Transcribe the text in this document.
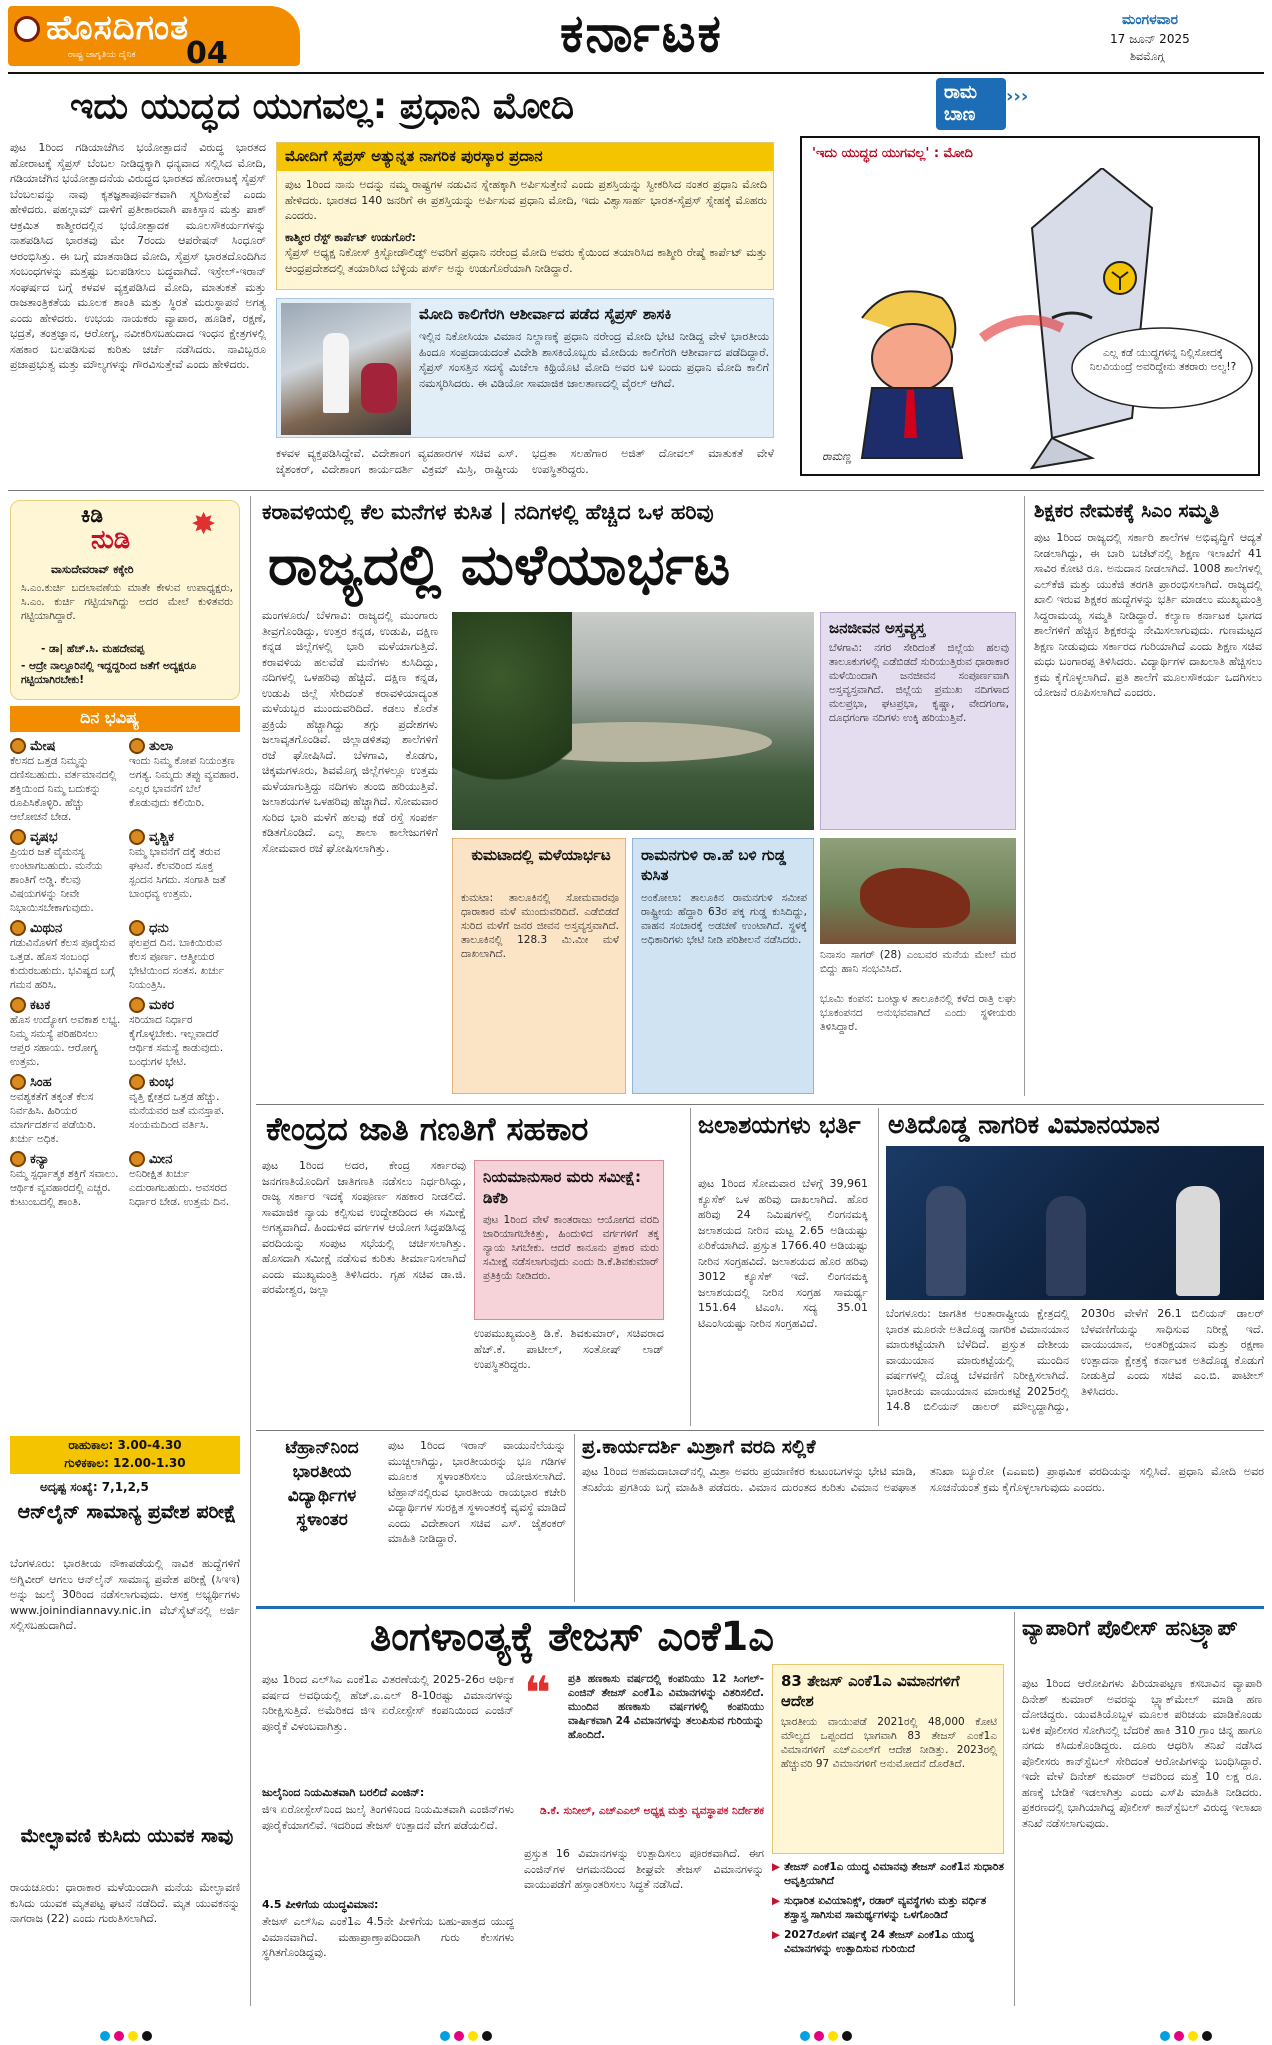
ಹೊಸದಿಗಂತ
ರಾಷ್ಟ್ರ ಜಾಗೃತಿಯ ದೈನಿಕ 04	ಕರ್ನಾಟಕ	ಮಂಗಳವಾರ
17 ಜೂನ್ 2025
ಶಿವಮೊಗ್ಗ
ಇದು ಯುದ್ಧದ ಯುಗವಲ್ಲ: ಪ್ರಧಾನಿ ಮೋದಿ
ಪುಟ 1ರಿಂದ ಗಡಿಯಾಚೆಗಿನ ಭಯೋತ್ಪಾದನೆ ವಿರುದ್ಧ ಭಾರತದ ಹೋರಾಟಕ್ಕೆ ಸೈಪ್ರಸ್ ಬೆಂಬಲ ನೀಡಿದ್ದಕ್ಕಾಗಿ ಧನ್ಯವಾದ ಸಲ್ಲಿಸಿದ ಮೋದಿ, ಗಡಿಯಾಚೆಗಿನ ಭಯೋತ್ಪಾದನೆಯ ವಿರುದ್ಧದ ಭಾರತದ ಹೋರಾಟಕ್ಕೆ ಸೈಪ್ರಸ್ ಬೆಂಬಲವನ್ನು ನಾವು ಕೃತಜ್ಞತಾಪೂರ್ವಕವಾಗಿ ಸ್ಮರಿಸುತ್ತೇವೆ ಎಂದು ಹೇಳಿದರು. ಪಹಲ್ಗಾಮ್ ದಾಳಿಗೆ ಪ್ರತೀಕಾರವಾಗಿ ಪಾಕಿಸ್ತಾನ ಮತ್ತು ಪಾಕ್ ಆಕ್ರಮಿತ ಕಾಶ್ಮೀರದಲ್ಲಿನ ಭಯೋತ್ಪಾದಕ ಮೂಲಸೌಕರ್ಯಗಳನ್ನು ನಾಶಪಡಿಸಿದ ಭಾರತವು ಮೇ 7ರಂದು ಆಪರೇಷನ್ ಸಿಂಧೂರ್ ಆರಂಭಿಸಿತ್ತು. ಈ ಬಗ್ಗೆ ಮಾತನಾಡಿದ ಮೋದಿ, ಸೈಪ್ರಸ್ ಭಾರತದೊಂದಿಗಿನ ಸಂಬಂಧಗಳನ್ನು ಮತ್ತಷ್ಟು ಬಲಪಡಿಸಲು ಬದ್ಧವಾಗಿದೆ. ಇಸ್ರೇಲ್-ಇರಾನ್ ಸಂಘರ್ಷದ ಬಗ್ಗೆ ಕಳವಳ ವ್ಯಕ್ತಪಡಿಸಿದ ಮೋದಿ, ಮಾತುಕತೆ ಮತ್ತು ರಾಜತಾಂತ್ರಿಕತೆಯ ಮೂಲಕ ಶಾಂತಿ ಮತ್ತು ಸ್ಥಿರತೆ ಮರುಸ್ಥಾಪನೆ ಅಗತ್ಯ ಎಂದು ಹೇಳಿದರು. ಉಭಯ ನಾಯಕರು ವ್ಯಾಪಾರ, ಹೂಡಿಕೆ, ರಕ್ಷಣೆ, ಭದ್ರತೆ, ತಂತ್ರಜ್ಞಾನ, ಆರೋಗ್ಯ, ನವೀಕರಿಸಬಹುದಾದ ಇಂಧನ ಕ್ಷೇತ್ರಗಳಲ್ಲಿ ಸಹಕಾರ ಬಲಪಡಿಸುವ ಕುರಿತು ಚರ್ಚೆ ನಡೆಸಿದರು. ನಾವಿಬ್ಬರೂ ಪ್ರಜಾಪ್ರಭುತ್ವ ಮತ್ತು ಮೌಲ್ಯಗಳನ್ನು ಗೌರವಿಸುತ್ತೇವೆ ಎಂದು ಹೇಳಿದರು.
ಮೋದಿಗೆ ಸೈಪ್ರಸ್ ಅತ್ಯುನ್ನತ ನಾಗರಿಕ ಪುರಸ್ಕಾರ ಪ್ರದಾನ
ಪುಟ 1ರಿಂದ ನಾನು ಅದನ್ನು ನಮ್ಮ ರಾಷ್ಟ್ರಗಳ ನಡುವಿನ ಸ್ನೇಹಕ್ಕಾಗಿ ಅರ್ಪಿಸುತ್ತೇನೆ ಎಂದು ಪ್ರಶಸ್ತಿಯನ್ನು ಸ್ವೀಕರಿಸಿದ ನಂತರ ಪ್ರಧಾನಿ ಮೋದಿ ಹೇಳಿದರು. ಭಾರತದ 140 ಜನರಿಗೆ ಈ ಪ್ರಶಸ್ತಿಯನ್ನು ಅರ್ಪಿಸುವ ಪ್ರಧಾನಿ ಮೋದಿ, ಇದು ವಿಶ್ವಾಸಾರ್ಹ ಭಾರತ-ಸೈಪ್ರಸ್ ಸ್ನೇಹಕ್ಕೆ ಮೊಹರು ಎಂದರು.
ಕಾಶ್ಮೀರ ರೆಸ್ಟ್ ಕಾರ್ಪೆಟ್ ಉಡುಗೊರೆ:
ಸೈಪ್ರಸ್ ಅಧ್ಯಕ್ಷ ನಿಕೋಸ್ ಕ್ರಿಸ್ಟೋಡೌಲಿಡ್ಸ್ ಅವರಿಗೆ ಪ್ರಧಾನಿ ನರೇಂದ್ರ ಮೋದಿ ಅವರು ಕೈಯಿಂದ ತಯಾರಿಸಿದ ಕಾಶ್ಮೀರಿ ರೇಷ್ಮೆ ಕಾರ್ಪೆಟ್ ಮತ್ತು ಆಂಧ್ರಪ್ರದೇಶದಲ್ಲಿ ತಯಾರಿಸಿದ ಬೆಳ್ಳಿಯ ಪರ್ಸ್ ಅನ್ನು ಉಡುಗೊರೆಯಾಗಿ ನೀಡಿದ್ದಾರೆ.
ಮೋದಿ ಕಾಲಿಗೆರಗಿ ಆಶೀರ್ವಾದ ಪಡೆದ ಸೈಪ್ರಸ್ ಶಾಸಕಿ
ಇಲ್ಲಿನ ನಿಕೋಸಿಯಾ ವಿಮಾನ ನಿಲ್ದಾಣಕ್ಕೆ ಪ್ರಧಾನಿ ನರೇಂದ್ರ ಮೋದಿ ಭೇಟಿ ನೀಡಿದ್ದ ವೇಳೆ ಭಾರತೀಯ ಹಿಂದೂ ಸಂಪ್ರದಾಯದಂತೆ ವಿದೇಶಿ ಶಾಸಕಿಯೊಬ್ಬರು ಮೋದಿಯ ಕಾಲಿಗೆರಗಿ ಆಶೀರ್ವಾದ ಪಡೆದಿದ್ದಾರೆ. ಸೈಪ್ರಸ್ ಸಂಸತ್ತಿನ ಸದಸ್ಯೆ ಮಿಚೆಲಾ ಕಿಥ್ರಿಯೊಟಿ ಮೋದಿ ಅವರ ಬಳಿ ಬಂದು ಪ್ರಧಾನಿ ಮೋದಿ ಕಾಲಿಗೆ ನಮಸ್ಕರಿಸಿದರು. ಈ ವಿಡಿಯೋ ಸಾಮಾಜಿಕ ಜಾಲತಾಣದಲ್ಲಿ ವೈರಲ್ ಆಗಿದೆ.
ಕಳವಳ ವ್ಯಕ್ತಪಡಿಸಿದ್ದೇವೆ. ವಿದೇಶಾಂಗ ವ್ಯವಹಾರಗಳ ಸಚಿವ ಎಸ್. ಜೈಶಂಕರ್, ವಿದೇಶಾಂಗ ಕಾರ್ಯದರ್ಶಿ ವಿಕ್ರಮ್ ಮಿಸ್ರಿ, ರಾಷ್ಟ್ರೀಯ ಭದ್ರತಾ ಸಲಹೆಗಾರ ಅಜಿತ್ ದೋವಲ್ ಮಾತುಕತೆ ವೇಳೆ ಉಪಸ್ಥಿತರಿದ್ದರು.
ರಾಮ
ಬಾಣ
›››
'ಇದು ಯುದ್ಧದ ಯುಗವಲ್ಲ' : ಮೋದಿ
ಎಲ್ಲ ಕಡೆ ಯುದ್ಧಗಳನ್ನ ನಿಲ್ಲಿಸೋದಕ್ಕೆ ನಿಲವಿಯಂದ್ರೆ ಅವರಿದ್ದೇನು ತಕರಾರು ಅಲ್ವ!?
ರಾಮಣ್ಣ
ಕಿಡಿ
ನುಡಿ ✸
ವಾಸುದೇವರಾವ್ ಕಕ್ಕೇರಿ
ಸಿ.ಎಂ.ಕುರ್ಚಿ ಬದಲಾವಣೆಯ ಮಾತೇ ಕೇಳುವ ಉಪಾಧ್ಯಕ್ಷರು, ಸಿ.ಎಂ. ಕುರ್ಚಿ ಗಟ್ಟಿಯಾಗಿದ್ದು ಅದರ ಮೇಲೆ ಕುಳಿತವರು ಗಟ್ಟಿಯಾಗಿದ್ದಾರೆ.
- ಡಾ| ಹೆಚ್.ಸಿ. ಮಹದೇವಪ್ಪ
- ಆದ್ರೇ ನಾಲ್ದೂರಿನಲ್ಲಿ ಇದ್ದದ್ದರಿಂದ ಜತೆಗೆ ಅದ್ಯಕ್ಷರೂ ಗಟ್ಟಿಯಾಗಿರಬೇಕು!
ದಿನ ಭವಿಷ್ಯ
ಮೇಷ
ಕೆಲಸದ ಒತ್ತಡ ನಿಮ್ಮನ್ನು ದಣಿಸಬಹುದು. ವರ್ತಮಾನದಲ್ಲಿ ಶಕ್ತಿಯಿಂದ ನಿಮ್ಮ ಬದುಕನ್ನು ರೂಪಿಸಿಕೊಳ್ಳಿರಿ. ಹೆಚ್ಚು ಆಲೋಚನೆ ಬೇಡ.
ತುಲಾ
ಇಂದು ನಿಮ್ಮ ಕೋಪ ನಿಯಂತ್ರಣ ಅಗತ್ಯ. ನಿಮ್ಮದು ತಪ್ಪು ವ್ಯವಹಾರ. ಎಲ್ಲರ ಭಾವನೆಗೆ ಬೆಲೆ ಕೊಡುವುದು ಕಲಿಯಿರಿ.
ವೃಷಭ
ಪ್ರಿಯರ ಜತೆ ವೈಮನಸ್ಯ ಉಂಟಾಗಬಹುದು. ಮನೆಯ ಶಾಂತಿಗೆ ಅಡ್ಡಿ. ಕೆಲವು ವಿಷಯಗಳನ್ನು ನೀವೇ ನಿಭಾಯಿಸಬೇಕಾಗುವುದು.
ವೃಶ್ಚಿಕ
ನಿಮ್ಮ ಭಾವನೆಗೆ ದಕ್ಕೆ ತರುವ ಘಟನೆ. ಕೆಲವರಿಂದ ಸೂಕ್ತ ಸ್ಪಂದನ ಸಿಗದು. ಸಂಗಾತಿ ಜತೆ ಬಾಂಧವ್ಯ ಉತ್ತಮ.
ಮಿಥುನ
ಗಡುವಿನೊಳಗೆ ಕೆಲಸ ಪೂರೈಸುವ ಒತ್ತಡ. ಹೊಸ ಸಂಬಂಧ ಕುದುರಬಹುದು. ಭವಿಷ್ಯದ ಬಗ್ಗೆ ಗಮನ ಹರಿಸಿ.
ಧನು
ಫಲಪ್ರದ ದಿನ. ಬಾಕಿಯಿರುವ ಕೆಲಸ ಪೂರ್ಣ. ಆತ್ಮೀಯರ ಭೇಟಿಯಿಂದ ಸಂತಸ. ಖರ್ಚು ನಿಯಂತ್ರಿಸಿ.
ಕಟಕ
ಹೊಸ ಉದ್ಯೋಗ ಅವಕಾಶ ಲಭ್ಯ. ನಿಮ್ಮ ಸಮಸ್ಯೆ ಪರಿಹರಿಸಲು ಆಪ್ತರ ಸಹಾಯ. ಆರೋಗ್ಯ ಉತ್ತಮ.
ಮಕರ
ಸರಿಯಾದ ನಿರ್ಧಾರ ಕೈಗೊಳ್ಳಬೇಕು. ಇಲ್ಲವಾದರೆ ಆರ್ಥಿಕ ಸಮಸ್ಯೆ ಕಾಡುವುದು. ಬಂಧುಗಳ ಭೇಟಿ.
ಸಿಂಹ
ಅವಶ್ಯಕತೆಗೆ ತಕ್ಕಂತೆ ಕೆಲಸ ನಿರ್ವಹಿಸಿ. ಹಿರಿಯರ ಮಾರ್ಗದರ್ಶನ ಪಡೆಯಿರಿ. ಖರ್ಚು ಅಧಿಕ.
ಕುಂಭ
ವೃತ್ತಿ ಕ್ಷೇತ್ರದ ಒತ್ತಡ ಹೆಚ್ಚು. ಮನೆಯವರ ಜತೆ ಮನಸ್ತಾಪ. ಸಂಯಮದಿಂದ ವರ್ತಿಸಿ.
ಕನ್ಯಾ
ನಿಮ್ಮ ಸ್ಪರ್ಧಾತ್ಮಕ ಶಕ್ತಿಗೆ ಸವಾಲು. ಆರ್ಥಿಕ ವ್ಯವಹಾರದಲ್ಲಿ ಎಚ್ಚರ. ಕುಟುಂಬದಲ್ಲಿ ಶಾಂತಿ.
ಮೀನ
ಅನಿರೀಕ್ಷಿತ ಖರ್ಚು ಎದುರಾಗಬಹುದು. ಅವಸರದ ನಿರ್ಧಾರ ಬೇಡ. ಉತ್ತಮ ದಿನ.
ರಾಹುಕಾಲ: 3.00-4.30
ಗುಳಿಕಕಾಲ: 12.00-1.30
ಅದೃಷ್ಟ ಸಂಖ್ಯೆ: 7,1,2,5
ಆನ್‌ಲೈನ್ ಸಾಮಾನ್ಯ ಪ್ರವೇಶ ಪರೀಕ್ಷೆ
ಬೆಂಗಳೂರು: ಭಾರತೀಯ ನೌಕಾಪಡೆಯಲ್ಲಿ ನಾವಿಕ ಹುದ್ದೆಗಳಿಗೆ ಅಗ್ನಿವೀರ್ ಆಗಲು ಆನ್‌ಲೈನ್ ಸಾಮಾನ್ಯ ಪ್ರವೇಶ ಪರೀಕ್ಷೆ (ಸಿಇಇ) ಅನ್ನು ಜುಲೈ 30ರಿಂದ ನಡೆಸಲಾಗುವುದು. ಆಸಕ್ತ ಅಭ್ಯರ್ಥಿಗಳು www.joinindiannavy.nic.in ವೆಬ್‌ಸೈಟ್‌ನಲ್ಲಿ ಅರ್ಜಿ ಸಲ್ಲಿಸಬಹುದಾಗಿದೆ.
ಮೇಲ್ಛಾವಣಿ ಕುಸಿದು ಯುವಕ ಸಾವು
ರಾಯಚೂರು: ಧಾರಾಕಾರ ಮಳೆಯಿಂದಾಗಿ ಮನೆಯ ಮೇಲ್ಛಾವಣಿ ಕುಸಿದು ಯುವಕ ಮೃತಪಟ್ಟ ಘಟನೆ ನಡೆದಿದೆ. ಮೃತ ಯುವಕನನ್ನು ನಾಗರಾಜ (22) ಎಂದು ಗುರುತಿಸಲಾಗಿದೆ.
ಕರಾವಳಿಯಲ್ಲಿ ಕೆಲ ಮನೆಗಳ ಕುಸಿತ | ನದಿಗಳಲ್ಲಿ ಹೆಚ್ಚಿದ ಒಳ ಹರಿವು
ರಾಜ್ಯದಲ್ಲಿ ಮಳೆಯಾರ್ಭಟ
ಮಂಗಳೂರು/ ಬೆಳಗಾವಿ: ರಾಜ್ಯದಲ್ಲಿ ಮುಂಗಾರು ತೀವ್ರಗೊಂಡಿದ್ದು, ಉತ್ತರ ಕನ್ನಡ, ಉಡುಪಿ, ದಕ್ಷಿಣ ಕನ್ನಡ ಜಿಲ್ಲೆಗಳಲ್ಲಿ ಭಾರಿ ಮಳೆಯಾಗುತ್ತಿದೆ. ಕರಾವಳಿಯ ಹಲವೆಡೆ ಮನೆಗಳು ಕುಸಿದಿದ್ದು, ನದಿಗಳಲ್ಲಿ ಒಳಹರಿವು ಹೆಚ್ಚಿದೆ. ದಕ್ಷಿಣ ಕನ್ನಡ, ಉಡುಪಿ ಜಿಲ್ಲೆ ಸೇರಿದಂತೆ ಕರಾವಳಿಯಾದ್ಯಂತ ಮಳೆಯಬ್ಬರ ಮುಂದುವರಿದಿದೆ. ಕಡಲು ಕೊರೆತ ಪ್ರಕ್ರಿಯೆ ಹೆಚ್ಚಾಗಿದ್ದು ತಗ್ಗು ಪ್ರದೇಶಗಳು ಜಲಾವೃತಗೊಂಡಿವೆ. ಜಿಲ್ಲಾಡಳಿತವು ಶಾಲೆಗಳಿಗೆ ರಜೆ ಘೋಷಿಸಿದೆ. ಬೆಳಗಾವಿ, ಕೊಡಗು, ಚಿಕ್ಕಮಗಳೂರು, ಶಿವಮೊಗ್ಗ ಜಿಲ್ಲೆಗಳಲ್ಲೂ ಉತ್ತಮ ಮಳೆಯಾಗುತ್ತಿದ್ದು ನದಿಗಳು ತುಂಬಿ ಹರಿಯುತ್ತಿವೆ. ಜಲಾಶಯಗಳ ಒಳಹರಿವು ಹೆಚ್ಚಾಗಿದೆ. ಸೋಮವಾರ ಸುರಿದ ಭಾರಿ ಮಳೆಗೆ ಹಲವು ಕಡೆ ರಸ್ತೆ ಸಂಪರ್ಕ ಕಡಿತಗೊಂಡಿದೆ. ಎಲ್ಲ ಶಾಲಾ ಕಾಲೇಜುಗಳಿಗೆ ಸೋಮವಾರ ರಜೆ ಘೋಷಿಸಲಾಗಿತ್ತು.
ಜನಜೀವನ ಅಸ್ತವ್ಯಸ್ತ
ಬೆಳಗಾವಿ: ನಗರ ಸೇರಿದಂತೆ ಜಿಲ್ಲೆಯ ಹಲವು ತಾಲೂಕುಗಳಲ್ಲಿ ಎಡೆಬಿಡದೆ ಸುರಿಯುತ್ತಿರುವ ಧಾರಾಕಾರ ಮಳೆಯಿಂದಾಗಿ ಜನಜೀವನ ಸಂಪೂರ್ಣವಾಗಿ ಅಸ್ತವ್ಯಸ್ತವಾಗಿದೆ. ಜಿಲ್ಲೆಯ ಪ್ರಮುಖ ನದಿಗಳಾದ ಮಲಪ್ರಭಾ, ಘಟಪ್ರಭಾ, ಕೃಷ್ಣಾ, ವೇದಗಂಗಾ, ದೂಧಗಂಗಾ ನದಿಗಳು ಉಕ್ಕಿ ಹರಿಯುತ್ತಿವೆ.
ಕುಮಟಾದಲ್ಲಿ ಮಳೆಯಾರ್ಭಟ
ಕುಮಟಾ: ತಾಲೂಕಿನಲ್ಲಿ ಸೋಮವಾರವೂ ಧಾರಾಕಾರ ಮಳೆ ಮುಂದುವರಿದಿದೆ. ಎಡೆಬಿಡದೆ ಸುರಿದ ಮಳೆಗೆ ಜನರ ಜೀವನ ಅಸ್ತವ್ಯಸ್ತವಾಗಿದೆ. ತಾಲೂಕಿನಲ್ಲಿ 128.3 ಮಿ.ಮೀ ಮಳೆ ದಾಖಲಾಗಿದೆ.
ರಾಮನಗುಳಿ ರಾ.ಹೆ ಬಳಿ ಗುಡ್ಡ ಕುಸಿತ
ಅಂಕೋಲಾ: ತಾಲೂಕಿನ ರಾಮನಗುಳಿ ಸಮೀಪ ರಾಷ್ಟ್ರೀಯ ಹೆದ್ದಾರಿ 63ರ ಪಕ್ಕ ಗುಡ್ಡ ಕುಸಿದಿದ್ದು, ವಾಹನ ಸಂಚಾರಕ್ಕೆ ಅಡಚಣೆ ಉಂಟಾಗಿದೆ. ಸ್ಥಳಕ್ಕೆ ಅಧಿಕಾರಿಗಳು ಭೇಟಿ ನೀಡಿ ಪರಿಶೀಲನೆ ನಡೆಸಿದರು.
ನಿನಾಸಂ ಸಾಗರ್ (28) ಎಂಬವರ ಮನೆಯ ಮೇಲೆ ಮರ ಬಿದ್ದು ಹಾನಿ ಸಂಭವಿಸಿದೆ.
ಭೂಮಿ ಕಂಪನ: ಬಂಟ್ವಾಳ ತಾಲೂಕಿನಲ್ಲಿ ಕಳೆದ ರಾತ್ರಿ ಲಘು ಭೂಕಂಪನದ ಅನುಭವವಾಗಿದೆ ಎಂದು ಸ್ಥಳೀಯರು ತಿಳಿಸಿದ್ದಾರೆ.
ಶಿಕ್ಷಕರ ನೇಮಕಕ್ಕೆ ಸಿಎಂ ಸಮ್ಮತಿ
ಪುಟ 1ರಿಂದ ರಾಜ್ಯದಲ್ಲಿ ಸರ್ಕಾರಿ ಶಾಲೆಗಳ ಅಭಿವೃದ್ಧಿಗೆ ಆದ್ಯತೆ ನೀಡಲಾಗಿದ್ದು, ಈ ಬಾರಿ ಬಜೆಟ್‌ನಲ್ಲಿ ಶಿಕ್ಷಣ ಇಲಾಖೆಗೆ 41 ಸಾವಿರ ಕೋಟಿ ರೂ. ಅನುದಾನ ನೀಡಲಾಗಿದೆ. 1008 ಶಾಲೆಗಳಲ್ಲಿ ಎಲ್‌ಕೆಜಿ ಮತ್ತು ಯುಕೆಜಿ ತರಗತಿ ಪ್ರಾರಂಭಿಸಲಾಗಿದೆ. ರಾಜ್ಯದಲ್ಲಿ ಖಾಲಿ ಇರುವ ಶಿಕ್ಷಕರ ಹುದ್ದೆಗಳನ್ನು ಭರ್ತಿ ಮಾಡಲು ಮುಖ್ಯಮಂತ್ರಿ ಸಿದ್ದರಾಮಯ್ಯ ಸಮ್ಮತಿ ನೀಡಿದ್ದಾರೆ. ಕಲ್ಯಾಣ ಕರ್ನಾಟಕ ಭಾಗದ ಶಾಲೆಗಳಿಗೆ ಹೆಚ್ಚಿನ ಶಿಕ್ಷಕರನ್ನು ನೇಮಿಸಲಾಗುವುದು. ಗುಣಮಟ್ಟದ ಶಿಕ್ಷಣ ನೀಡುವುದು ಸರ್ಕಾರದ ಗುರಿಯಾಗಿದೆ ಎಂದು ಶಿಕ್ಷಣ ಸಚಿವ ಮಧು ಬಂಗಾರಪ್ಪ ತಿಳಿಸಿದರು. ವಿದ್ಯಾರ್ಥಿಗಳ ದಾಖಲಾತಿ ಹೆಚ್ಚಿಸಲು ಕ್ರಮ ಕೈಗೊಳ್ಳಲಾಗಿದೆ. ಪ್ರತಿ ಶಾಲೆಗೆ ಮೂಲಸೌಕರ್ಯ ಒದಗಿಸಲು ಯೋಜನೆ ರೂಪಿಸಲಾಗಿದೆ ಎಂದರು.
ಕೇಂದ್ರದ ಜಾತಿ ಗಣತಿಗೆ ಸಹಕಾರ
ಪುಟ 1ರಿಂದ ಅದರ, ಕೇಂದ್ರ ಸರ್ಕಾರವು ಜನಗಣತಿಯೊಂದಿಗೆ ಜಾತಿಗಣತಿ ನಡೆಸಲು ನಿರ್ಧರಿಸಿದ್ದು, ರಾಜ್ಯ ಸರ್ಕಾರ ಇದಕ್ಕೆ ಸಂಪೂರ್ಣ ಸಹಕಾರ ನೀಡಲಿದೆ. ಸಾಮಾಜಿಕ ನ್ಯಾಯ ಕಲ್ಪಿಸುವ ಉದ್ದೇಶದಿಂದ ಈ ಸಮೀಕ್ಷೆ ಅಗತ್ಯವಾಗಿದೆ. ಹಿಂದುಳಿದ ವರ್ಗಗಳ ಆಯೋಗ ಸಿದ್ಧಪಡಿಸಿದ್ದ ವರದಿಯನ್ನು ಸಂಪುಟ ಸಭೆಯಲ್ಲಿ ಚರ್ಚಿಸಲಾಗಿತ್ತು. ಹೊಸದಾಗಿ ಸಮೀಕ್ಷೆ ನಡೆಸುವ ಕುರಿತು ತೀರ್ಮಾನಿಸಲಾಗಿದೆ ಎಂದು ಮುಖ್ಯಮಂತ್ರಿ ತಿಳಿಸಿದರು. ಗೃಹ ಸಚಿವ ಡಾ.ಜಿ. ಪರಮೇಶ್ವರ, ಜಲ್ಲಾ
ನಿಯಮಾನುಸಾರ ಮರು ಸಮೀಕ್ಷೆ: ಡಿಕೆಶಿ
ಪುಟ 1ರಿಂದ ವೇಳೆ ಕಾಂತರಾಜು ಆಯೋಗದ ವರದಿ ಜಾರಿಯಾಗಬೇಕಿತ್ತು, ಹಿಂದುಳಿದ ವರ್ಗಗಳಿಗೆ ತಕ್ಕ ನ್ಯಾಯ ಸಿಗಬೇಕು. ಆದರೆ ಕಾನೂನು ಪ್ರಕಾರ ಮರು ಸಮೀಕ್ಷೆ ನಡೆಸಲಾಗುವುದು ಎಂದು ಡಿ.ಕೆ.ಶಿವಕುಮಾರ್ ಪ್ರತಿಕ್ರಿಯೆ ನೀಡಿದರು.
ಉಪಮುಖ್ಯಮಂತ್ರಿ ಡಿ.ಕೆ. ಶಿವಕುಮಾರ್, ಸಚಿವರಾದ ಹೆಚ್.ಕೆ. ಪಾಟೀಲ್, ಸಂತೋಷ್ ಲಾಡ್ ಉಪಸ್ಥಿತರಿದ್ದರು.
ಜಲಾಶಯಗಳು ಭರ್ತಿ
ಪುಟ 1ರಿಂದ ಸೋಮವಾರ ಬೆಳಗ್ಗೆ 39,961 ಕ್ಯೂಸೆಕ್ ಒಳ ಹರಿವು ದಾಖಲಾಗಿದೆ. ಹೊರ ಹರಿವು 24 ನಿಮಿಷಗಳಲ್ಲಿ ಲಿಂಗನಮಕ್ಕಿ ಜಲಾಶಯದ ನೀರಿನ ಮಟ್ಟ 2.65 ಅಡಿಯಷ್ಟು ಏರಿಕೆಯಾಗಿದೆ. ಪ್ರಸ್ತುತ 1766.40 ಅಡಿಯಷ್ಟು ನೀರಿನ ಸಂಗ್ರಹವಿದೆ. ಜಲಾಶಯದ ಹೊರ ಹರಿವು 3012 ಕ್ಯೂಸೆಕ್ ಇದೆ. ಲಿಂಗನಮಕ್ಕಿ ಜಲಾಶಯದಲ್ಲಿ ನೀರಿನ ಸಂಗ್ರಹ ಸಾಮರ್ಥ್ಯ 151.64 ಟಿಎಂಸಿ. ಸದ್ಯ 35.01 ಟಿಎಂಸಿಯಷ್ಟು ನೀರಿನ ಸಂಗ್ರಹವಿದೆ.
ಅತಿದೊಡ್ಡ ನಾಗರಿಕ ವಿಮಾನಯಾನ
ಬೆಂಗಳೂರು: ಜಾಗತಿಕ ಅಂತಾರಾಷ್ಟ್ರೀಯ ಕ್ಷೇತ್ರದಲ್ಲಿ ಭಾರತ ಮೂರನೇ ಅತಿದೊಡ್ಡ ನಾಗರಿಕ ವಿಮಾನಯಾನ ಮಾರುಕಟ್ಟೆಯಾಗಿ ಬೆಳೆದಿದೆ. ಪ್ರಸ್ತುತ ದೇಶೀಯ ವಾಯುಯಾನ ಮಾರುಕಟ್ಟೆಯಲ್ಲಿ ಮುಂದಿನ ವರ್ಷಗಳಲ್ಲಿ ದೊಡ್ಡ ಬೆಳವಣಿಗೆ ನಿರೀಕ್ಷಿಸಲಾಗಿದೆ. ಭಾರತೀಯ ವಾಯುಯಾನ ಮಾರುಕಟ್ಟೆ 2025ರಲ್ಲಿ 14.8 ಬಿಲಿಯನ್ ಡಾಲರ್ ಮೌಲ್ಯದ್ದಾಗಿದ್ದು, 2030ರ ವೇಳೆಗೆ 26.1 ಬಿಲಿಯನ್ ಡಾಲರ್ ಬೆಳವಣಿಗೆಯನ್ನು ಸಾಧಿಸುವ ನಿರೀಕ್ಷೆ ಇದೆ. ವಾಯುಯಾನ, ಅಂತರಿಕ್ಷಯಾನ ಮತ್ತು ರಕ್ಷಣಾ ಉತ್ಪಾದನಾ ಕ್ಷೇತ್ರಕ್ಕೆ ಕರ್ನಾಟಕ ಅತಿದೊಡ್ಡ ಕೊಡುಗೆ ನೀಡುತ್ತಿದೆ ಎಂದು ಸಚಿವ ಎಂ.ಬಿ. ಪಾಟೀಲ್ ತಿಳಿಸಿದರು.
ಟೆಹ್ರಾನ್‌ನಿಂದ ಭಾರತೀಯ ವಿದ್ಯಾರ್ಥಿಗಳ ಸ್ಥಳಾಂತರ
ಪುಟ 1ರಿಂದ ಇರಾನ್ ವಾಯುನೆಲೆಯನ್ನು ಮುಚ್ಚಲಾಗಿದ್ದು, ಭಾರತೀಯರನ್ನು ಭೂ ಗಡಿಗಳ ಮೂಲಕ ಸ್ಥಳಾಂತರಿಸಲು ಯೋಜಿಸಲಾಗಿದೆ. ಟೆಹ್ರಾನ್‌ನಲ್ಲಿರುವ ಭಾರತೀಯ ರಾಯಭಾರ ಕಚೇರಿ ವಿದ್ಯಾರ್ಥಿಗಳ ಸುರಕ್ಷಿತ ಸ್ಥಳಾಂತರಕ್ಕೆ ವ್ಯವಸ್ಥೆ ಮಾಡಿದೆ ಎಂದು ವಿದೇಶಾಂಗ ಸಚಿವ ಎಸ್. ಜೈಶಂಕರ್ ಮಾಹಿತಿ ನೀಡಿದ್ದಾರೆ.
ಪ್ರ.ಕಾರ್ಯದರ್ಶಿ ಮಿಶ್ರಾಗೆ ವರದಿ ಸಲ್ಲಿಕೆ
ಪುಟ 1ರಿಂದ ಅಹಮದಾಬಾದ್‌ನಲ್ಲಿ ಮಿಶ್ರಾ ಅವರು ಪ್ರಯಾಣಿಕರ ಕುಟುಂಬಗಳನ್ನು ಭೇಟಿ ಮಾಡಿ, ತನಿಖೆಯ ಪ್ರಗತಿಯ ಬಗ್ಗೆ ಮಾಹಿತಿ ಪಡೆದರು. ವಿಮಾನ ದುರಂತದ ಕುರಿತು ವಿಮಾನ ಅಪಘಾತ ತನಿಖಾ ಬ್ಯೂರೋ (ಎಎಐಬಿ) ಪ್ರಾಥಮಿಕ ವರದಿಯನ್ನು ಸಲ್ಲಿಸಿದೆ. ಪ್ರಧಾನಿ ಮೋದಿ ಅವರ ಸೂಚನೆಯಂತೆ ಕ್ರಮ ಕೈಗೊಳ್ಳಲಾಗುವುದು ಎಂದರು.
ತಿಂಗಳಾಂತ್ಯಕ್ಕೆ ತೇಜಸ್ ಎಂಕೆ1ಎ
ಪುಟ 1ರಿಂದ ಎಲ್‌ಸಿಎ ಎಂಕೆ1ಎ ವಿತರಣೆಯಲ್ಲಿ 2025-26ರ ಆರ್ಥಿಕ ವರ್ಷದ ಅವಧಿಯಲ್ಲಿ ಹೆಚ್.ಎ.ಎಲ್ 8-10ರಷ್ಟು ವಿಮಾನಗಳನ್ನು ನಿರೀಕ್ಷಿಸುತ್ತಿದೆ. ಅಮೆರಿಕದ ಜಿಇ ಏರೋಸ್ಪೇಸ್ ಕಂಪನಿಯಿಂದ ಎಂಜಿನ್ ಪೂರೈಕೆ ವಿಳಂಬವಾಗಿತ್ತು.
ಜುಲೈನಿಂದ ನಿಯಮಿತವಾಗಿ ಬರಲಿದೆ ಎಂಜಿನ್:
ಜಿಇ ಏರೋಸ್ಪೇಸ್‌ನಿಂದ ಜುಲೈ ತಿಂಗಳಿನಿಂದ ನಿಯಮಿತವಾಗಿ ಎಂಜಿನ್‌ಗಳು ಪೂರೈಕೆಯಾಗಲಿವೆ. ಇದರಿಂದ ತೇಜಸ್ ಉತ್ಪಾದನೆ ವೇಗ ಪಡೆಯಲಿದೆ.
4.5 ಪೀಳಿಗೆಯ ಯುದ್ಧವಿಮಾನ:
ತೇಜಸ್ ಎಲ್‌ಸಿಎ ಎಂಕೆ1ಎ 4.5ನೇ ಪೀಳಿಗೆಯ ಬಹು-ಪಾತ್ರದ ಯುದ್ಧ ವಿಮಾನವಾಗಿದೆ. ಮಹಾಪ್ರಾಣ್ತಾಪದಿಂದಾಗಿ ಗುರು ಕೆಲಸಗಳು ಸ್ಥಗಿತಗೊಂಡಿದ್ದವು.
❝ ಪ್ರತಿ ಹಣಕಾಸು ವರ್ಷದಲ್ಲಿ ಕಂಪನಿಯು 12 ಸಿಂಗಲ್-ಎಂಜಿನ್ ತೇಜಸ್ ಎಂಕೆ1ಎ ವಿಮಾನಗಳನ್ನು ವಿತರಿಸಲಿದೆ. ಮುಂದಿನ ಹಣಕಾಸು ವರ್ಷಗಳಲ್ಲಿ ಕಂಪನಿಯು ವಾರ್ಷಿಕವಾಗಿ 24 ವಿಮಾನಗಳನ್ನು ತಲುಪಿಸುವ ಗುರಿಯನ್ನು ಹೊಂದಿದೆ.
ಡಿ.ಕೆ. ಸುನೀಲ್, ಎಚ್‌ಎಎಲ್ ಅಧ್ಯಕ್ಷ ಮತ್ತು ವ್ಯವಸ್ಥಾಪಕ ನಿರ್ದೇಶಕ
ಪ್ರಸ್ತುತ 16 ವಿಮಾನಗಳನ್ನು ಉತ್ಪಾದಿಸಲು ಪೂರಕವಾಗಿದೆ. ಈಗ ಎಂಜಿನ್‌ಗಳ ಆಗಮನದಿಂದ ಶೀಘ್ರವೇ ತೇಜಸ್ ವಿಮಾನಗಳನ್ನು ವಾಯುಪಡೆಗೆ ಹಸ್ತಾಂತರಿಸಲು ಸಿದ್ಧತೆ ನಡೆಸಿದೆ.
83 ತೇಜಸ್ ಎಂಕೆ1ಎ ವಿಮಾನಗಳಿಗೆ ಆದೇಶ
ಭಾರತೀಯ ವಾಯುಪಡೆ 2021ರಲ್ಲಿ 48,000 ಕೋಟಿ ಮೌಲ್ಯದ ಒಪ್ಪಂದದ ಭಾಗವಾಗಿ 83 ತೇಜಸ್ ಎಂಕೆ1ಎ ವಿಮಾನಗಳಿಗೆ ಎಚ್‌ಎಎಲ್‌ಗೆ ಆದೇಶ ನೀಡಿತ್ತು. 2023ರಲ್ಲಿ ಹೆಚ್ಚುವರಿ 97 ವಿಮಾನಗಳಿಗೆ ಅನುಮೋದನೆ ದೊರೆತಿದೆ.
▶ ತೇಜಸ್ ಎಂಕೆ1ಎ ಯುದ್ಧ ವಿಮಾನವು ತೇಜಸ್ ಎಂಕೆ1ನ ಸುಧಾರಿತ ಆವೃತ್ತಿಯಾಗಿದೆ
▶ ಸುಧಾರಿತ ಏವಿಯಾನಿಕ್ಸ್, ರಡಾರ್ ವ್ಯವಸ್ಥೆಗಳು ಮತ್ತು ವರ್ಧಿತ ಶಸ್ತ್ರಾಸ್ತ್ರ ಸಾಗಿಸುವ ಸಾಮರ್ಥ್ಯಗಳನ್ನು ಒಳಗೊಂಡಿದೆ
▶ 2027ರೊಳಗೆ ವರ್ಷಕ್ಕೆ 24 ತೇಜಸ್ ಎಂಕೆ1ಎ ಯುದ್ಧ ವಿಮಾನಗಳನ್ನು ಉತ್ಪಾದಿಸುವ ಗುರಿಯಿದೆ
ವ್ಯಾಪಾರಿಗೆ ಪೊಲೀಸ್ ಹನಿಟ್ರ್ಯಾಪ್
ಪುಟ 1ರಿಂದ ಆರೋಪಿಗಳು ಪಿರಿಯಾಪಟ್ಟಣ ಕಸಬಾವಿನ ವ್ಯಾಪಾರಿ ದಿನೇಶ್ ಕುಮಾರ್ ಅವರನ್ನು ಬ್ಲ್ಯಾಕ್‌ಮೇಲ್ ಮಾಡಿ ಹಣ ದೋಚಿದ್ದರು. ಯುವತಿಯೊಬ್ಬಳ ಮೂಲಕ ಪರಿಚಯ ಮಾಡಿಕೊಂಡು ಬಳಿಕ ಪೊಲೀಸರ ಸೋಗಿನಲ್ಲಿ ಬೆದರಿಕೆ ಹಾಕಿ 310 ಗ್ರಾಂ ಚಿನ್ನ ಹಾಗೂ ನಗದು ಕಸಿದುಕೊಂಡಿದ್ದರು. ದೂರು ಆಧರಿಸಿ ತನಿಖೆ ನಡೆಸಿದ ಪೊಲೀಸರು ಕಾನ್‌ಸ್ಟೆಬಲ್ ಸೇರಿದಂತೆ ಆರೋಪಿಗಳನ್ನು ಬಂಧಿಸಿದ್ದಾರೆ. ಇದೇ ವೇಳೆ ದಿನೇಶ್ ಕುಮಾರ್ ಅವರಿಂದ ಮತ್ತೆ 10 ಲಕ್ಷ ರೂ. ಹಣಕ್ಕೆ ಬೇಡಿಕೆ ಇಡಲಾಗಿತ್ತು ಎಂದು ಎಸ್‌ಪಿ ಮಾಹಿತಿ ನೀಡಿದರು. ಪ್ರಕರಣದಲ್ಲಿ ಭಾಗಿಯಾಗಿದ್ದ ಪೊಲೀಸ್ ಕಾನ್‌ಸ್ಟೆಬಲ್ ವಿರುದ್ಧ ಇಲಾಖಾ ತನಿಖೆ ನಡೆಸಲಾಗುವುದು.
